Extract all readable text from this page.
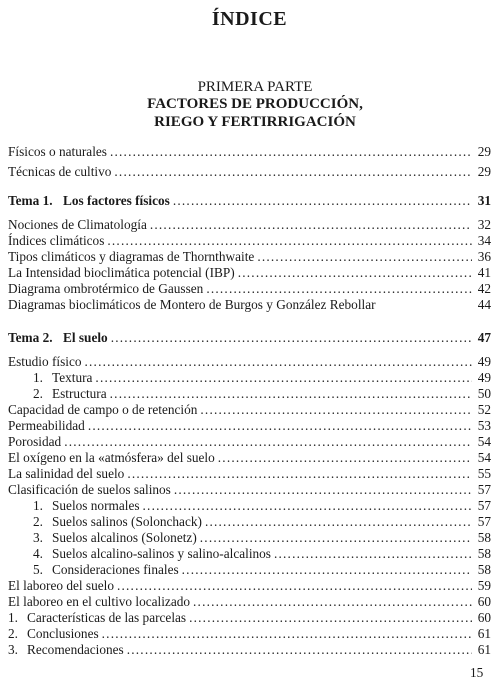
ÍNDICE
PRIMERA PARTE
FACTORES DE PRODUCCIÓN,
RIEGO Y FERTIRRIGACIÓN
Físicos o naturales .....	29
Técnicas de cultivo .....	29
Tema 1. Los factores físicos .....	31
Nociones de Climatología .....	32
Índices climáticos .....	34
Tipos climáticos y diagramas de Thornthwaite .....	36
La Intensidad bioclimática potencial (IBP) .....	41
Diagrama ombrotérmico de Gaussen .....	42
Diagramas bioclimáticos de Montero de Burgos y González Rebollar	44
Tema 2. El suelo .....	47
Estudio físico .....	49
1. Textura .....	49
2. Estructura .....	50
Capacidad de campo o de retención .....	52
Permeabilidad .....	53
Porosidad .....	54
El oxígeno en la «atmósfera» del suelo .....	54
La salinidad del suelo .....	55
Clasificación de suelos salinos .....	57
1. Suelos normales .....	57
2. Suelos salinos (Solonchack) .....	57
3. Suelos alcalinos (Solonetz) .....	58
4. Suelos alcalino-salinos y salino-alcalinos .....	58
5. Consideraciones finales .....	58
El laboreo del suelo .....	59
El laboreo en el cultivo localizado .....	60
1. Características de las parcelas .....	60
2. Conclusiones .....	61
3. Recomendaciones .....	61
15
